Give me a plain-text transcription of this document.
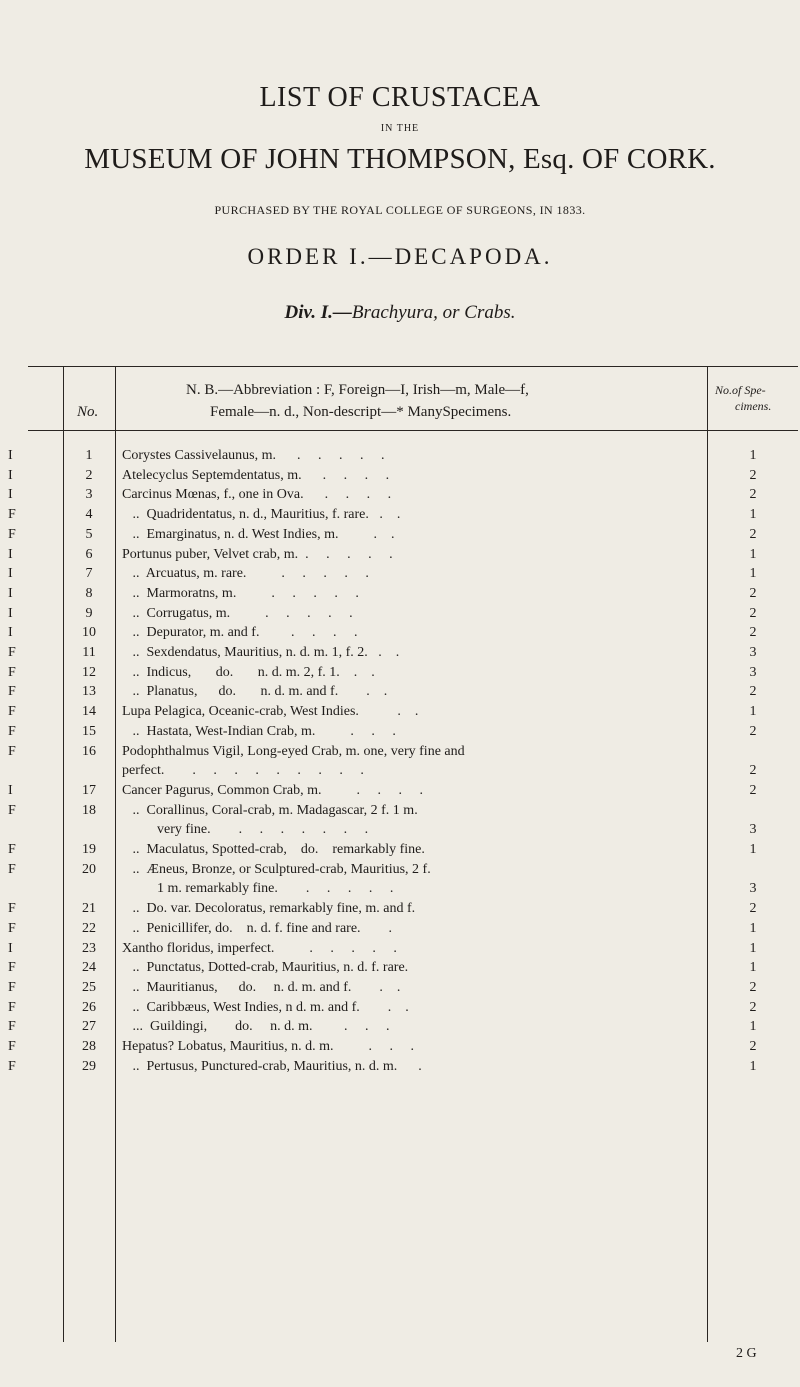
LIST OF CRUSTACEA
IN THE
MUSEUM OF JOHN THOMPSON, Esq. OF CORK.
PURCHASED BY THE ROYAL COLLEGE OF SURGEONS, IN 1833.
ORDER I.—DECAPODA.
Div. I.—Brachyura, or Crabs.
No.
N. B.—Abbreviation : F, Foreign—I, Irish—m, Male—f,
Female—n. d., Non-descript—* ManySpecimens.
No.of Spe-
cimens.
I	1	Corystes Cassivelaunus, m.      .     .     .     .     .	1
I	2	Atelecyclus Septemdentatus, m.      .     .     .     .	2
I	3	Carcinus Mœnas, f., one in Ova.      .     .     .     .	2
F	4	..  Quadridentatus, n. d., Mauritius, f. rare.   .    .	1
F	5	..  Emarginatus, n. d. West Indies, m.          .    .	2
I	6	Portunus puber, Velvet crab, m.  .     .     .     .     .	1
I	7	..  Arcuatus, m. rare.          .     .     .     .     .	1
I	8	..  Marmoratns, m.          .     .     .     .     .	2
I	9	..  Corrugatus, m.          .     .     .     .     .	2
I	10	..  Depurator, m. and f.         .     .     .     .	2
F	11	..  Sexdendatus, Mauritius, n. d. m. 1, f. 2.   .    .	3
F	12	..  Indicus,       do.       n. d. m. 2, f. 1.    .    .	3
F	13	..  Planatus,      do.       n. d. m. and f.        .    .	2
F	14	Lupa Pelagica, Oceanic-crab, West Indies.           .    .	1
F	15	..  Hastata, West-Indian Crab, m.          .     .     .	2
F	16	Podophthalmus Vigil, Long-eyed Crab, m. one, very fine and
perfect.        .     .     .     .     .     .     .     .     .	2
I	17	Cancer Pagurus, Common Crab, m.          .     .     .     .	2
F	18	..  Corallinus, Coral-crab, m. Madagascar, 2 f. 1 m.
very fine.        .     .     .     .     .     .     .	3
F	19	..  Maculatus, Spotted-crab,    do.    remarkably fine.	1
F	20	..  Æneus, Bronze, or Sculptured-crab, Mauritius, 2 f.
1 m. remarkably fine.        .     .     .     .     .	3
F	21	..  Do. var. Decoloratus, remarkably fine, m. and f.	2
F	22	..  Penicillifer, do.    n. d. f. fine and rare.        .	1
I	23	Xantho floridus, imperfect.          .     .     .     .     .	1
F	24	..  Punctatus, Dotted-crab, Mauritius, n. d. f. rare.	1
F	25	..  Mauritianus,      do.     n. d. m. and f.        .    .	2
F	26	..  Caribbæus, West Indies, n d. m. and f.        .    .	2
F	27	...  Guildingi,        do.     n. d. m.         .     .     .	1
F	28	Hepatus? Lobatus, Mauritius, n. d. m.          .     .     .	2
F	29	..  Pertusus, Punctured-crab, Mauritius, n. d. m.      .	1
2 G
